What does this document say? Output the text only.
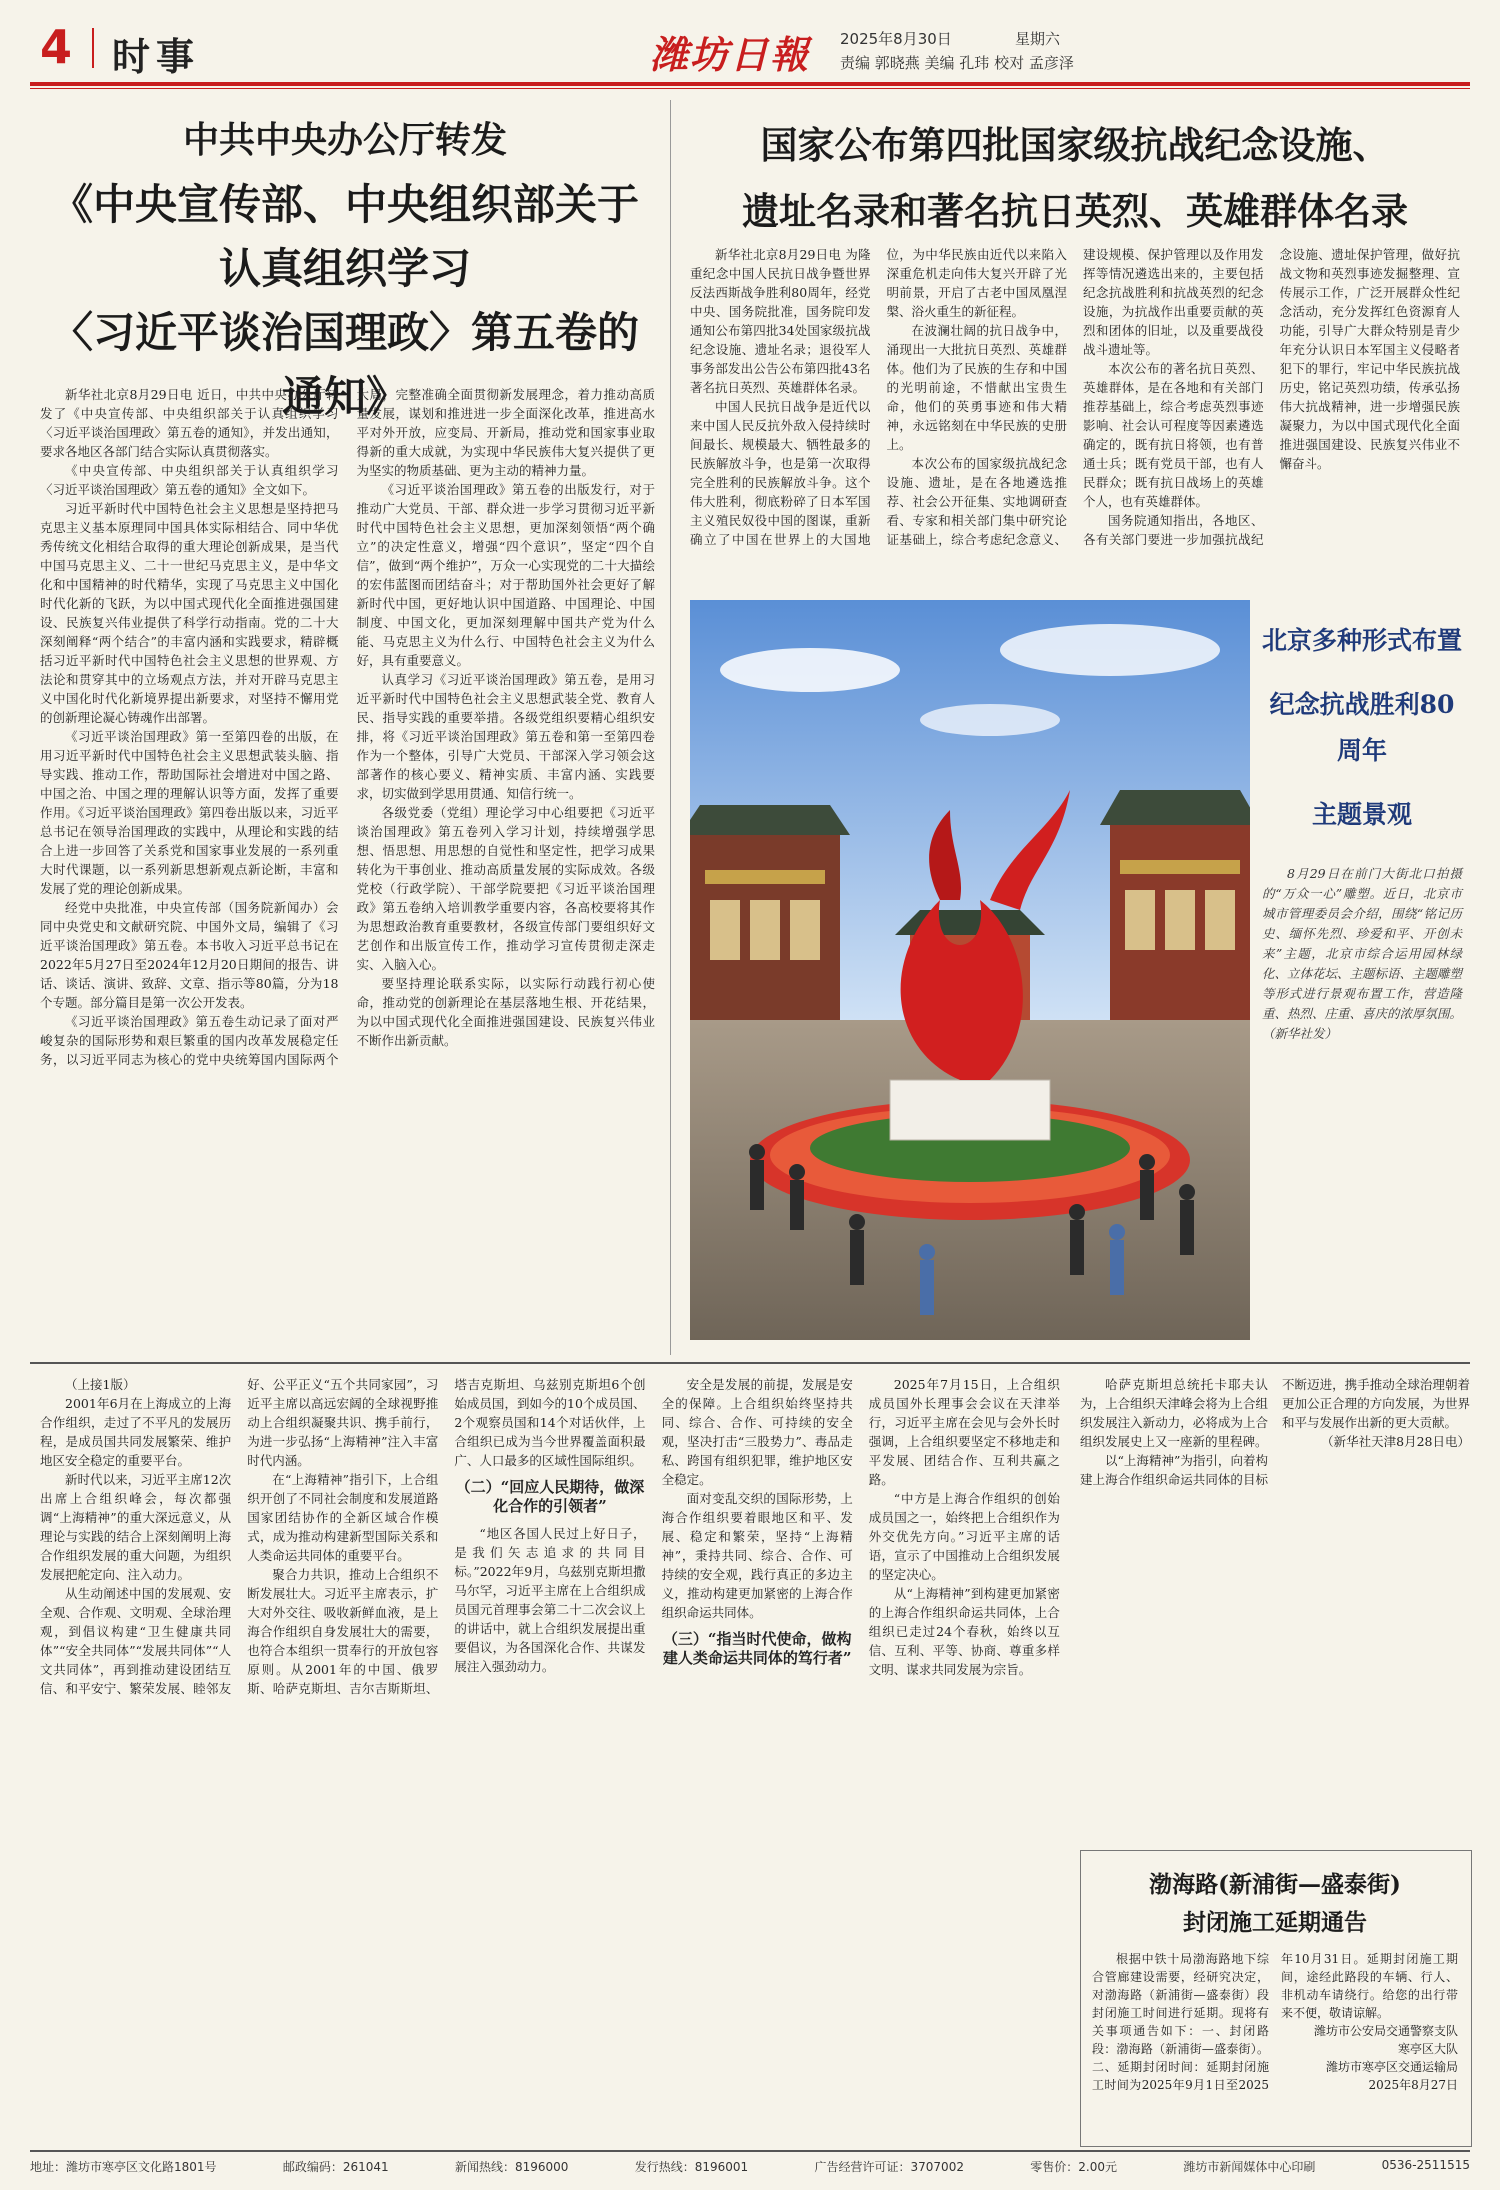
4 时事	潍坊日報 2025年8月30日	星期六
责编 郭晓燕 美编 孔玮 校对 孟彦泽
中共中央办公厅转发
《中央宣传部、中央组织部关于认真组织学习
〈习近平谈治国理政〉第五卷的通知》
国家公布第四批国家级抗战纪念设施、
遗址名录和著名抗日英烈、英雄群体名录

新华社北京8月29日电 近日，中共中央办公厅转发了《中央宣传部、中央组织部关于认真组织学习〈习近平谈治国理政〉第五卷的通知》，并发出通知，要求各地区各部门结合实际认真贯彻落实。

《中央宣传部、中央组织部关于认真组织学习〈习近平谈治国理政〉第五卷的通知》全文如下。

习近平新时代中国特色社会主义思想是坚持把马克思主义基本原理同中国具体实际相结合、同中华优秀传统文化相结合取得的重大理论创新成果，是当代中国马克思主义、二十一世纪马克思主义，是中华文化和中国精神的时代精华，实现了马克思主义中国化时代化新的飞跃，为以中国式现代化全面推进强国建设、民族复兴伟业提供了科学行动指南。党的二十大深刻阐释“两个结合”的丰富内涵和实践要求，精辟概括习近平新时代中国特色社会主义思想的世界观、方法论和贯穿其中的立场观点方法，并对开辟马克思主义中国化时代化新境界提出新要求，对坚持不懈用党的创新理论凝心铸魂作出部署。

《习近平谈治国理政》第一至第四卷的出版，在用习近平新时代中国特色社会主义思想武装头脑、指导实践、推动工作，帮助国际社会增进对中国之路、中国之治、中国之理的理解认识等方面，发挥了重要作用。《习近平谈治国理政》第四卷出版以来，习近平总书记在领导治国理政的实践中，从理论和实践的结合上进一步回答了关系党和国家事业发展的一系列重大时代课题，以一系列新思想新观点新论断，丰富和发展了党的理论创新成果。

经党中央批准，中央宣传部（国务院新闻办）会同中央党史和文献研究院、中国外文局，编辑了《习近平谈治国理政》第五卷。本书收入习近平总书记在2022年5月27日至2024年12月20日期间的报告、讲话、谈话、演讲、致辞、文章、指示等80篇，分为18个专题。部分篇目是第一次公开发表。

《习近平谈治国理政》第五卷生动记录了面对严峻复杂的国际形势和艰巨繁重的国内改革发展稳定任务，以习近平同志为核心的党中央统筹国内国际两个大局，完整准确全面贯彻新发展理念，着力推动高质量发展，谋划和推进进一步全面深化改革，推进高水平对外开放，应变局、开新局，推动党和国家事业取得新的重大成就，为实现中华民族伟大复兴提供了更为坚实的物质基础、更为主动的精神力量。

《习近平谈治国理政》第五卷的出版发行，对于推动广大党员、干部、群众进一步学习贯彻习近平新时代中国特色社会主义思想，更加深刻领悟“两个确立”的决定性意义，增强“四个意识”，坚定“四个自信”，做到“两个维护”，万众一心实现党的二十大描绘的宏伟蓝图而团结奋斗；对于帮助国外社会更好了解新时代中国，更好地认识中国道路、中国理论、中国制度、中国文化，更加深刻理解中国共产党为什么能、马克思主义为什么行、中国特色社会主义为什么好，具有重要意义。

认真学习《习近平谈治国理政》第五卷，是用习近平新时代中国特色社会主义思想武装全党、教育人民、指导实践的重要举措。各级党组织要精心组织安排，将《习近平谈治国理政》第五卷和第一至第四卷作为一个整体，引导广大党员、干部深入学习领会这部著作的核心要义、精神实质、丰富内涵、实践要求，切实做到学思用贯通、知信行统一。

各级党委（党组）理论学习中心组要把《习近平谈治国理政》第五卷列入学习计划，持续增强学思想、悟思想、用思想的自觉性和坚定性，把学习成果转化为干事创业、推动高质量发展的实际成效。各级党校（行政学院）、干部学院要把《习近平谈治国理政》第五卷纳入培训教学重要内容，各高校要将其作为思想政治教育重要教材，各级宣传部门要组织好文艺创作和出版宣传工作，推动学习宣传贯彻走深走实、入脑入心。

要坚持理论联系实际，以实际行动践行初心使命，推动党的创新理论在基层落地生根、开花结果，为以中国式现代化全面推进强国建设、民族复兴伟业不断作出新贡献。

新华社北京8月29日电 为隆重纪念中国人民抗日战争暨世界反法西斯战争胜利80周年，经党中央、国务院批准，国务院印发通知公布第四批34处国家级抗战纪念设施、遗址名录；退役军人事务部发出公告公布第四批43名著名抗日英烈、英雄群体名录。

中国人民抗日战争是近代以来中国人民反抗外敌入侵持续时间最长、规模最大、牺牲最多的民族解放斗争，也是第一次取得完全胜利的民族解放斗争。这个伟大胜利，彻底粉碎了日本军国主义殖民奴役中国的图谋，重新确立了中国在世界上的大国地位，为中华民族由近代以来陷入深重危机走向伟大复兴开辟了光明前景，开启了古老中国凤凰涅槃、浴火重生的新征程。

在波澜壮阔的抗日战争中，涌现出一大批抗日英烈、英雄群体。他们为了民族的生存和中国的光明前途，不惜献出宝贵生命，他们的英勇事迹和伟大精神，永远铭刻在中华民族的史册上。

本次公布的国家级抗战纪念设施、遗址，是在各地遴选推荐、社会公开征集、实地调研查看、专家和相关部门集中研究论证基础上，综合考虑纪念意义、建设规模、保护管理以及作用发挥等情况遴选出来的，主要包括纪念抗战胜利和抗战英烈的纪念设施，为抗战作出重要贡献的英烈和团体的旧址，以及重要战役战斗遗址等。

本次公布的著名抗日英烈、英雄群体，是在各地和有关部门推荐基础上，综合考虑英烈事迹影响、社会认可程度等因素遴选确定的，既有抗日将领，也有普通士兵；既有党员干部，也有人民群众；既有抗日战场上的英雄个人，也有英雄群体。

国务院通知指出，各地区、各有关部门要进一步加强抗战纪念设施、遗址保护管理，做好抗战文物和英烈事迹发掘整理、宣传展示工作，广泛开展群众性纪念活动，充分发挥红色资源育人功能，引导广大群众特别是青少年充分认识日本军国主义侵略者犯下的罪行，牢记中华民族抗战历史，铭记英烈功绩，传承弘扬伟大抗战精神，进一步增强民族凝聚力，为以中国式现代化全面推进强国建设、民族复兴伟业不懈奋斗。

北京多种形式布置
纪念抗战胜利80周年
主题景观
8月29日在前门大街北口拍摄的“万众一心”雕塑。近日，北京市城市管理委员会介绍，围绕“铭记历史、缅怀先烈、珍爱和平、开创未来”主题，北京市综合运用园林绿化、立体花坛、主题标语、主题雕塑等形式进行景观布置工作，营造隆重、热烈、庄重、喜庆的浓厚氛围。（新华社发）

（上接1版）

2001年6月在上海成立的上海合作组织，走过了不平凡的发展历程，是成员国共同发展繁荣、维护地区安全稳定的重要平台。

新时代以来，习近平主席12次出席上合组织峰会，每次都强调“上海精神”的重大深远意义，从理论与实践的结合上深刻阐明上海合作组织发展的重大问题，为组织发展把舵定向、注入动力。

从生动阐述中国的发展观、安全观、合作观、文明观、全球治理观，到倡议构建“卫生健康共同体”“安全共同体”“发展共同体”“人文共同体”，再到推动建设团结互信、和平安宁、繁荣发展、睦邻友好、公平正义“五个共同家园”，习近平主席以高远宏阔的全球视野推动上合组织凝聚共识、携手前行，为进一步弘扬“上海精神”注入丰富时代内涵。

在“上海精神”指引下，上合组织开创了不同社会制度和发展道路国家团结协作的全新区域合作模式，成为推动构建新型国际关系和人类命运共同体的重要平台。

聚合力共识，推动上合组织不断发展壮大。习近平主席表示，扩大对外交往、吸收新鲜血液，是上海合作组织自身发展壮大的需要，也符合本组织一贯奉行的开放包容原则。从2001年的中国、俄罗斯、哈萨克斯坦、吉尔吉斯斯坦、塔吉克斯坦、乌兹别克斯坦6个创始成员国，到如今的10个成员国、2个观察员国和14个对话伙伴，上合组织已成为当今世界覆盖面积最广、人口最多的区域性国际组织。

（二）“回应人民期待，做深化合作的引领者”

“地区各国人民过上好日子，是我们矢志追求的共同目标。”2022年9月，乌兹别克斯坦撒马尔罕，习近平主席在上合组织成员国元首理事会第二十二次会议上的讲话中，就上合组织发展提出重要倡议，为各国深化合作、共谋发展注入强劲动力。

安全是发展的前提，发展是安全的保障。上合组织始终坚持共同、综合、合作、可持续的安全观，坚决打击“三股势力”、毒品走私、跨国有组织犯罪，维护地区安全稳定。

面对变乱交织的国际形势，上海合作组织要着眼地区和平、发展、稳定和繁荣，坚持“上海精神”，秉持共同、综合、合作、可持续的安全观，践行真正的多边主义，推动构建更加紧密的上海合作组织命运共同体。

（三）“指当时代使命，做构建人类命运共同体的笃行者”

2025年7月15日，上合组织成员国外长理事会会议在天津举行，习近平主席在会见与会外长时强调，上合组织要坚定不移地走和平发展、团结合作、互利共赢之路。

“中方是上海合作组织的创始成员国之一，始终把上合组织作为外交优先方向。”习近平主席的话语，宣示了中国推动上合组织发展的坚定决心。

从“上海精神”到构建更加紧密的上海合作组织命运共同体，上合组织已走过24个春秋，始终以互信、互利、平等、协商、尊重多样文明、谋求共同发展为宗旨。

哈萨克斯坦总统托卡耶夫认为，上合组织天津峰会将为上合组织发展注入新动力，必将成为上合组织发展史上又一座新的里程碑。

以“上海精神”为指引，向着构建上海合作组织命运共同体的目标不断迈进，携手推动全球治理朝着更加公正合理的方向发展，为世界和平与发展作出新的更大贡献。

（新华社天津8月28日电）

渤海路(新浦街—盛泰街)
封闭施工延期通告

根据中铁十局渤海路地下综合管廊建设需要，经研究决定，对渤海路（新浦街—盛泰街）段封闭施工时间进行延期。现将有关事项通告如下：一、封闭路段：渤海路（新浦街—盛泰街）。二、延期封闭时间：延期封闭施工时间为2025年9月1日至2025年10月31日。延期封闭施工期间，途经此路段的车辆、行人、非机动车请绕行。给您的出行带来不便，敬请谅解。

潍坊市公安局交通警察支队寒亭区大队

潍坊市寒亭区交通运输局

2025年8月27日

地址：潍坊市寒亭区文化路1801号	邮政编码：261041	新闻热线：8196000	发行热线：8196001	广告经营许可证：3707002	零售价：2.00元	潍坊市新闻媒体中心印刷	0536-2511515
